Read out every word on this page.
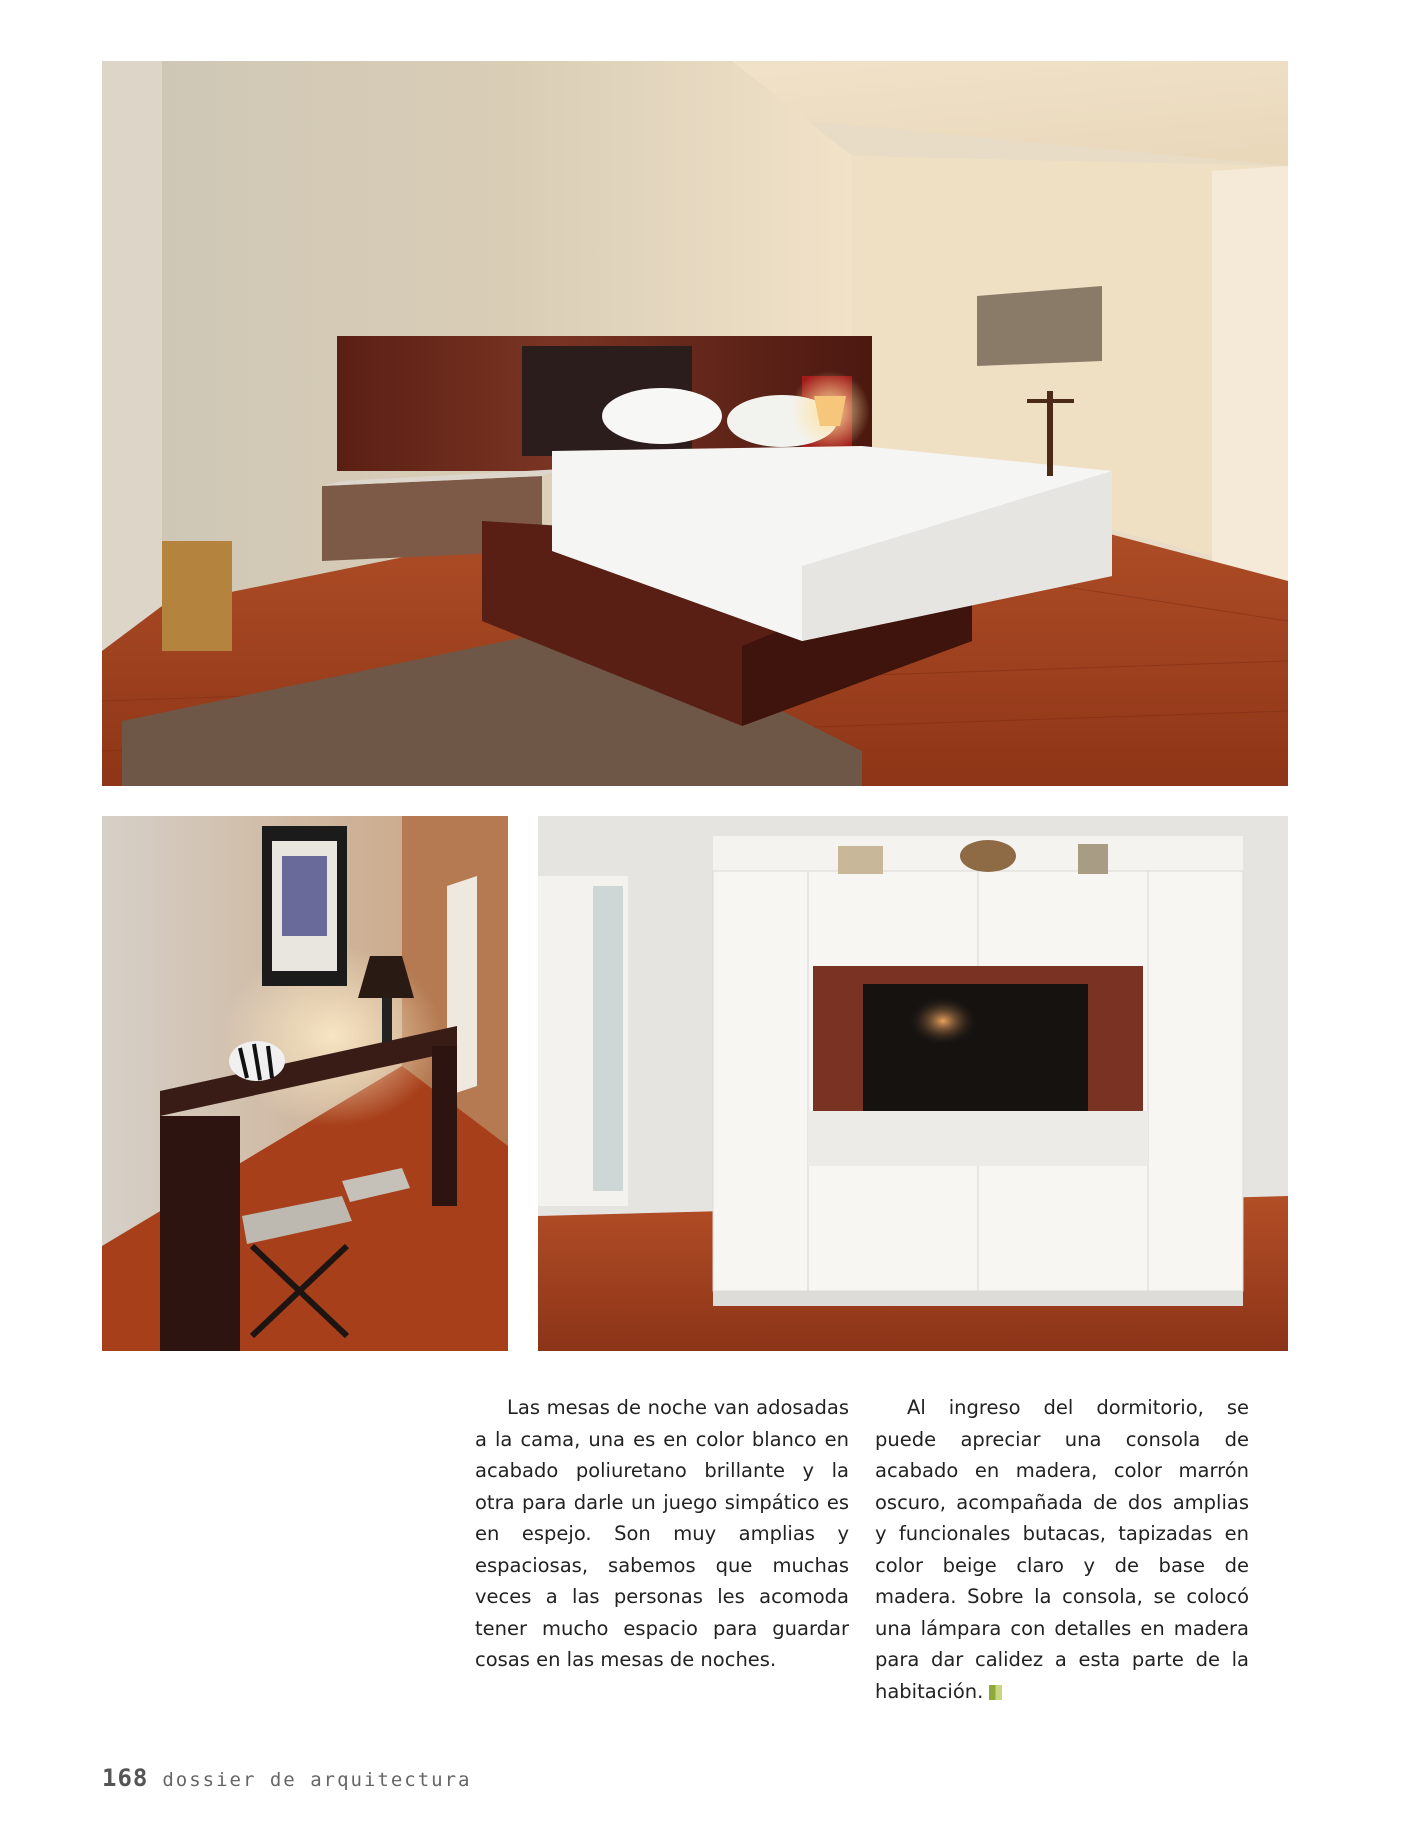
Las mesas de noche van adosadas a la cama, una es en color blanco en acabado poliuretano brillante y la otra para darle un juego simpático es en espejo. Son muy amplias y espaciosas, sabemos que muchas veces a las personas les acomoda tener mucho espacio para guardar cosas en las mesas de noches.

Al ingreso del dormitorio, se puede apreciar una consola de acabado en madera, color marrón oscuro, acompañada de dos amplias y funcionales butacas, tapizadas en color beige claro y de base de madera. Sobre la consola, se colocó una lámpara con detalles en madera para dar calidez a esta parte de la habitación.

168 dossier de arquitectura
